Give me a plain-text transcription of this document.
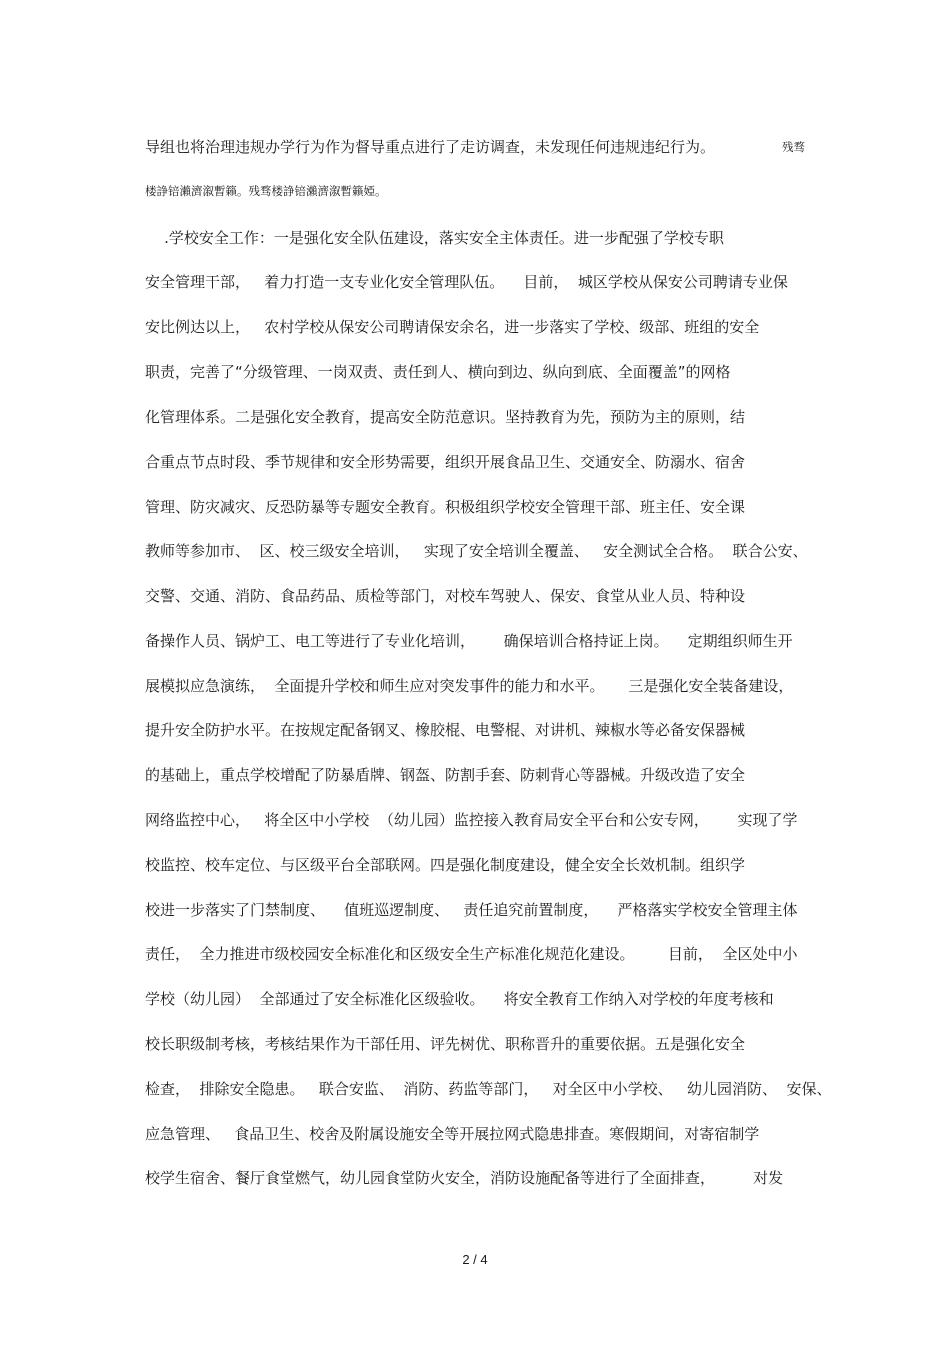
导组也将治理违规办学行为作为督导重点进行了走访调查，未发现任何违规违纪行为。	残骛

楼諍锫瀨濟溆暫籟。残骛楼諍锫瀨濟溆暫籟婭。

.学校安全工作：一是强化安全队伍建设，落实安全主体责任。进一步配强了学校专职

安全管理干部，   着力打造一支专业化安全管理队伍。    目前，  城区学校从保安公司聘请专业保

安比例达以上，   农村学校从保安公司聘请保安余名，进一步落实了学校、级部、班组的安全

职责，完善了“分级管理、一岗双责、责任到人、横向到边、纵向到底、全面覆盖”的网格

化管理体系。二是强化安全教育，提高安全防范意识。坚持教育为先，预防为主的原则，结

合重点节点时段、季节规律和安全形势需要，组织开展食品卫生、交通安全、防溺水、宿舍

管理、防灾减灾、反恐防暴等专题安全教育。积极组织学校安全管理干部、班主任、安全课

教师等参加市、  区、校三级安全培训，   实现了安全培训全覆盖、   安全测试全合格。  联合公安、

交警、交通、消防、食品药品、质检等部门，对校车驾驶人、保安、食堂从业人员、特种设

备操作人员、锅炉工、电工等进行了专业化培训，      确保培训合格持证上岗。    定期组织师生开

展模拟应急演练，  全面提升学校和师生应对突发事件的能力和水平。     三是强化安全装备建设，

提升安全防护水平。在按规定配备钢叉、橡胶棍、电警棍、对讲机、辣椒水等必备安保器械

的基础上，重点学校增配了防暴盾牌、钢盔、防割手套、防刺背心等器械。升级改造了安全

网络监控中心，   将全区中小学校  （幼儿园）监控接入教育局安全平台和公安专网，      实现了学

校监控、校车定位、与区级平台全部联网。四是强化制度建设，健全安全长效机制。组织学

校进一步落实了门禁制度、    值班巡逻制度、   责任追究前置制度，    严格落实学校安全管理主体

责任，  全力推进市级校园安全标准化和区级安全生产标准化规范化建设。       目前，  全区处中小

学校（幼儿园）  全部通过了安全标准化区级验收。    将安全教育工作纳入对学校的年度考核和

校长职级制考核，考核结果作为干部任用、评先树优、职称晋升的重要依据。五是强化安全

检查，  排除安全隐患。   联合安监、  消防、药监等部门，   对全区中小学校、   幼儿园消防、  安保、

应急管理、   食品卫生、校舍及附属设施安全等开展拉网式隐患排查。寒假期间，对寄宿制学

校学生宿舍、餐厅食堂燃气，幼儿园食堂防火安全，消防设施配备等进行了全面排查，        对发

2 / 4
